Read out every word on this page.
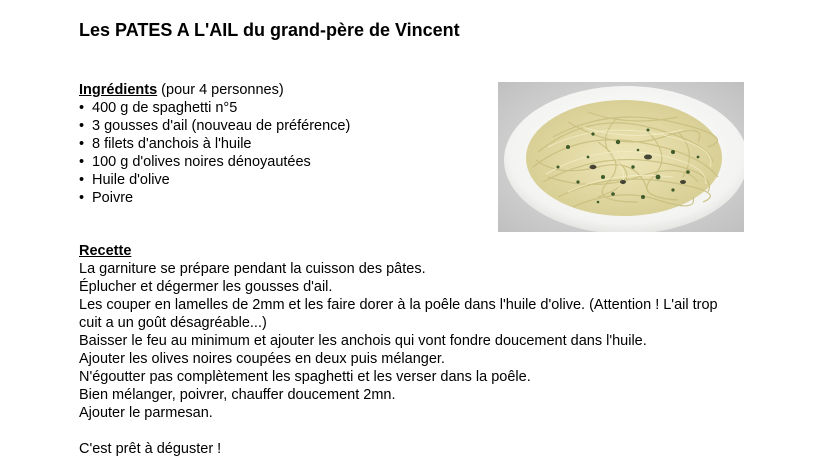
Les PATES A L'AIL du grand-père de Vincent
Ingrédients (pour 4 personnes)
• 400 g de spaghetti n°5
• 3 gousses d'ail (nouveau de préférence)
• 8 filets d'anchois à l'huile
• 100 g d'olives noires dénoyautées
• Huile d'olive
• Poivre

Recette

La garniture se prépare pendant la cuisson des pâtes.

Éplucher et dégermer les gousses d'ail.

Les couper en lamelles de 2mm et les faire dorer à la poêle dans l'huile d'olive. (Attention ! L'ail trop cuit a un goût désagréable...)

Baisser le feu au minimum et ajouter les anchois qui vont fondre doucement dans l'huile.

Ajouter les olives noires coupées en deux puis mélanger.

N'égoutter pas complètement les spaghetti et les verser dans la poêle.

Bien mélanger, poivrer, chauffer doucement 2mn.

Ajouter le parmesan.

C'est prêt à déguster !
